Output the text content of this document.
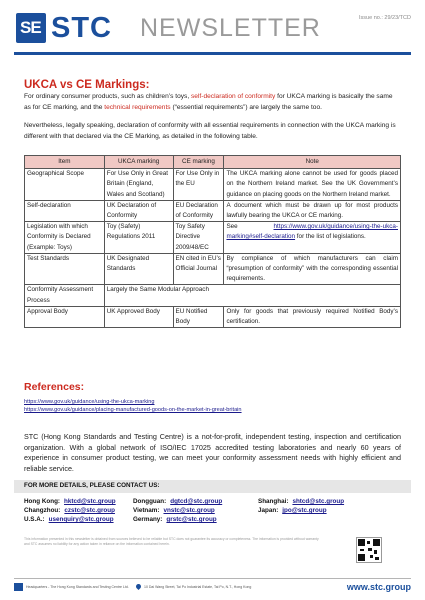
SE STC NEWSLETTER	Issue no.: 29/23/TCD
UKCA vs CE Markings:

For ordinary consumer products, such as children’s toys, self-declaration of conformity for UKCA marking is basically the same as for CE marking, and the technical requirements (“essential requirements”) are largely the same too.

Nevertheless, legally speaking, declaration of conformity with all essential requirements in connection with the UKCA marking is different with that declared via the CE Marking, as detailed in the following table.

Item	UKCA marking	CE marking	Note
Geographical Scope	For Use Only in Great Britain (England, Wales and Scotland)	For Use Only in the EU	The UKCA marking alone cannot be used for goods placed on the Northern Ireland market. See the UK Government’s guidance on placing goods on the Northern Ireland market.
Self-declaration	UK Declaration of Conformity	EU Declaration of Conformity	A document which must be drawn up for most products lawfully bearing the UKCA or CE marking.
Legislation with which Conformity is Declared (Example: Toys)	Toy (Safety) Regulations 2011	Toy Safety Directive 2009/48/EC	See https://www.gov.uk/guidance/using-the-ukca-marking#self-declaration for the list of legislations.
Test Standards	UK Designated Standards	EN cited in EU’s Official Journal	By compliance of which manufacturers can claim “presumption of conformity” with the corresponding essential requirements.
Conformity Assessment Process	Largely the Same Modular Approach		
Approval Body	UK Approved Body	EU Notified Body	Only for goods that previously required Notified Body’s certification.
References:
https://www.gov.uk/guidance/using-the-ukca-marking
https://www.gov.uk/guidance/placing-manufactured-goods-on-the-market-in-great-britain

STC (Hong Kong Standards and Testing Centre) is a not-for-profit, independent testing, inspection and certification organization. With a global network of ISO/IEC 17025 accredited testing laboratories and nearly 60 years of experience in consumer product testing, we can meet your conformity assessment needs with highly efficient and reliable service.

FOR MORE DETAILS, PLEASE CONTACT US:
Hong Kong: hktcd@stc.group	Dongguan: dgtcd@stc.group	Shanghai: shtcd@stc.group
Changzhou: czstc@stc.group	Vietnam: vnstc@stc.group	Japan: jpo@stc.group
U.S.A.: usenquiry@stc.group	Germany: grstc@stc.group

This information presented in this newsletter is obtained from sources believed to be reliable but STC does not guarantee its accuracy or completeness. The information is provided without warranty and STC assumes no liability for any action taken in reliance on the information contained herein.

Headquarters - The Hong Kong Standards and Testing Centre Ltd.	10 Dai Wang Street, Tai Po Industrial Estate, Tai Po, N.T., Hong Kong	www.stc.group
